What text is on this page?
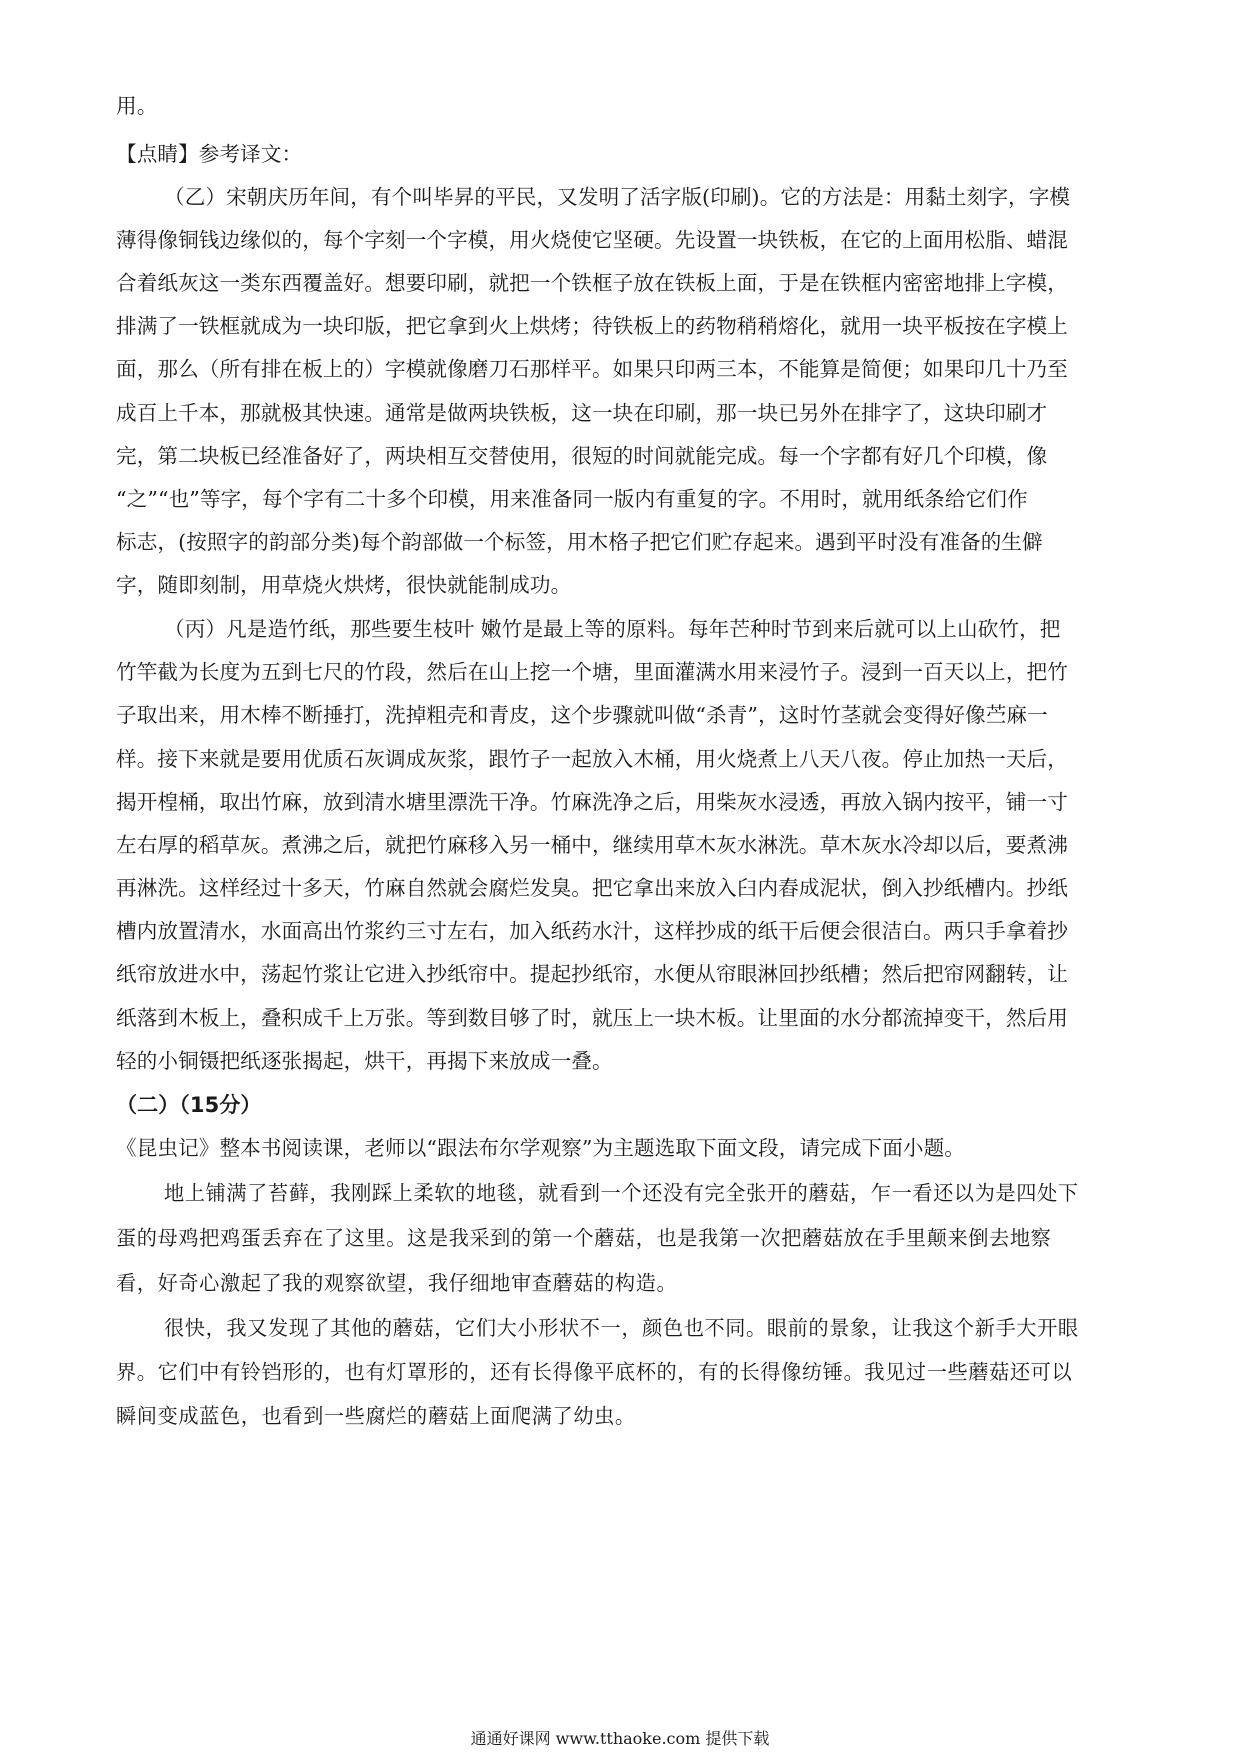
用。
【点睛】参考译文：
（乙）宋朝庆历年间，有个叫毕昇的平民，又发明了活字版(印刷)。它的方法是：用黏土刻字，字模
薄得像铜钱边缘似的，每个字刻一个字模，用火烧使它坚硬。先设置一块铁板，在它的上面用松脂、蜡混
合着纸灰这一类东西覆盖好。想要印刷，就把一个铁框子放在铁板上面，于是在铁框内密密地排上字模，
排满了一铁框就成为一块印版，把它拿到火上烘烤；待铁板上的药物稍稍熔化，就用一块平板按在字模上
面，那么（所有排在板上的）字模就像磨刀石那样平。如果只印两三本，不能算是简便；如果印几十乃至
成百上千本，那就极其快速。通常是做两块铁板，这一块在印刷，那一块已另外在排字了，这块印刷才
完，第二块板已经准备好了，两块相互交替使用，很短的时间就能完成。每一个字都有好几个印模，像
“之”“也”等字，每个字有二十多个印模，用来准备同一版内有重复的字。不用时，就用纸条给它们作
标志，(按照字的韵部分类)每个韵部做一个标签，用木格子把它们贮存起来。遇到平时没有准备的生僻
字，随即刻制，用草烧火烘烤，很快就能制成功。
（丙）凡是造竹纸，那些要生枝叶 嫩竹是最上等的原料。每年芒种时节到来后就可以上山砍竹，把
竹竿截为长度为五到七尺的竹段，然后在山上挖一个塘，里面灌满水用来浸竹子。浸到一百天以上，把竹
子取出来，用木棒不断捶打，洗掉粗壳和青皮，这个步骤就叫做“杀青”，这时竹茎就会变得好像苎麻一
样。接下来就是要用优质石灰调成灰浆，跟竹子一起放入木桶，用火烧煮上八天八夜。停止加热一天后，
揭开楻桶，取出竹麻，放到清水塘里漂洗干净。竹麻洗净之后，用柴灰水浸透，再放入锅内按平，铺一寸
左右厚的稻草灰。煮沸之后，就把竹麻移入另一桶中，继续用草木灰水淋洗。草木灰水冷却以后，要煮沸
再淋洗。这样经过十多天，竹麻自然就会腐烂发臭。把它拿出来放入臼内舂成泥状，倒入抄纸槽内。抄纸
槽内放置清水，水面高出竹浆约三寸左右，加入纸药水汁，这样抄成的纸干后便会很洁白。两只手拿着抄
纸帘放进水中，荡起竹浆让它进入抄纸帘中。提起抄纸帘，水便从帘眼淋回抄纸槽；然后把帘网翻转，让
纸落到木板上，叠积成千上万张。等到数目够了时，就压上一块木板。让里面的水分都流掉变干，然后用
轻的小铜镊把纸逐张揭起，烘干，再揭下来放成一叠。
（二）（15分）
《昆虫记》整本书阅读课，老师以“跟法布尔学观察”为主题选取下面文段，请完成下面小题。
地上铺满了苔藓，我刚踩上柔软的地毯，就看到一个还没有完全张开的蘑菇，乍一看还以为是四处下
蛋的母鸡把鸡蛋丢弃在了这里。这是我采到的第一个蘑菇，也是我第一次把蘑菇放在手里颠来倒去地察
看，好奇心激起了我的观察欲望，我仔细地审查蘑菇的构造。
很快，我又发现了其他的蘑菇，它们大小形状不一，颜色也不同。眼前的景象，让我这个新手大开眼
界。它们中有铃铛形的，也有灯罩形的，还有长得像平底杯的，有的长得像纺锤。我见过一些蘑菇还可以
瞬间变成蓝色，也看到一些腐烂的蘑菇上面爬满了幼虫。
通通好课网 www.tthaoke.com 提供下载
